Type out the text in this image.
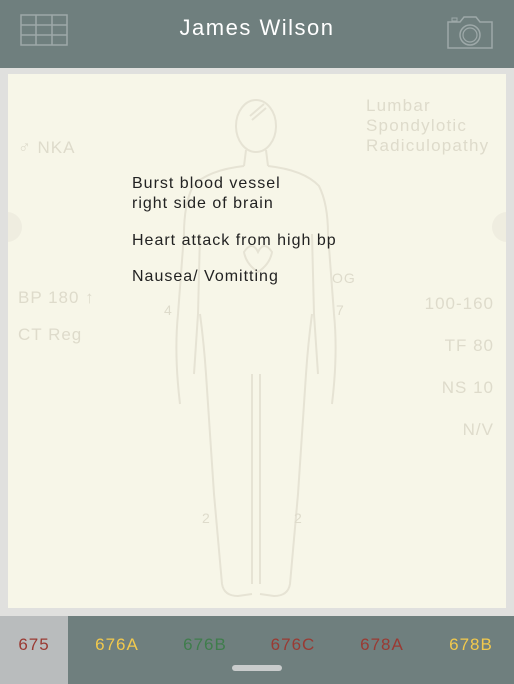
James Wilson
♂ NKA
Lumbar
Spondylotic
Radiculopathy
Burst blood vessel
right side of brain
Heart attack from high bp
Nausea/ Vomitting
BP 180 ↑
CT Reg
100-160
TF 80
NS 10
N/V
OG
4	7
2	2
675	676A	676B	676C	678A	678B
